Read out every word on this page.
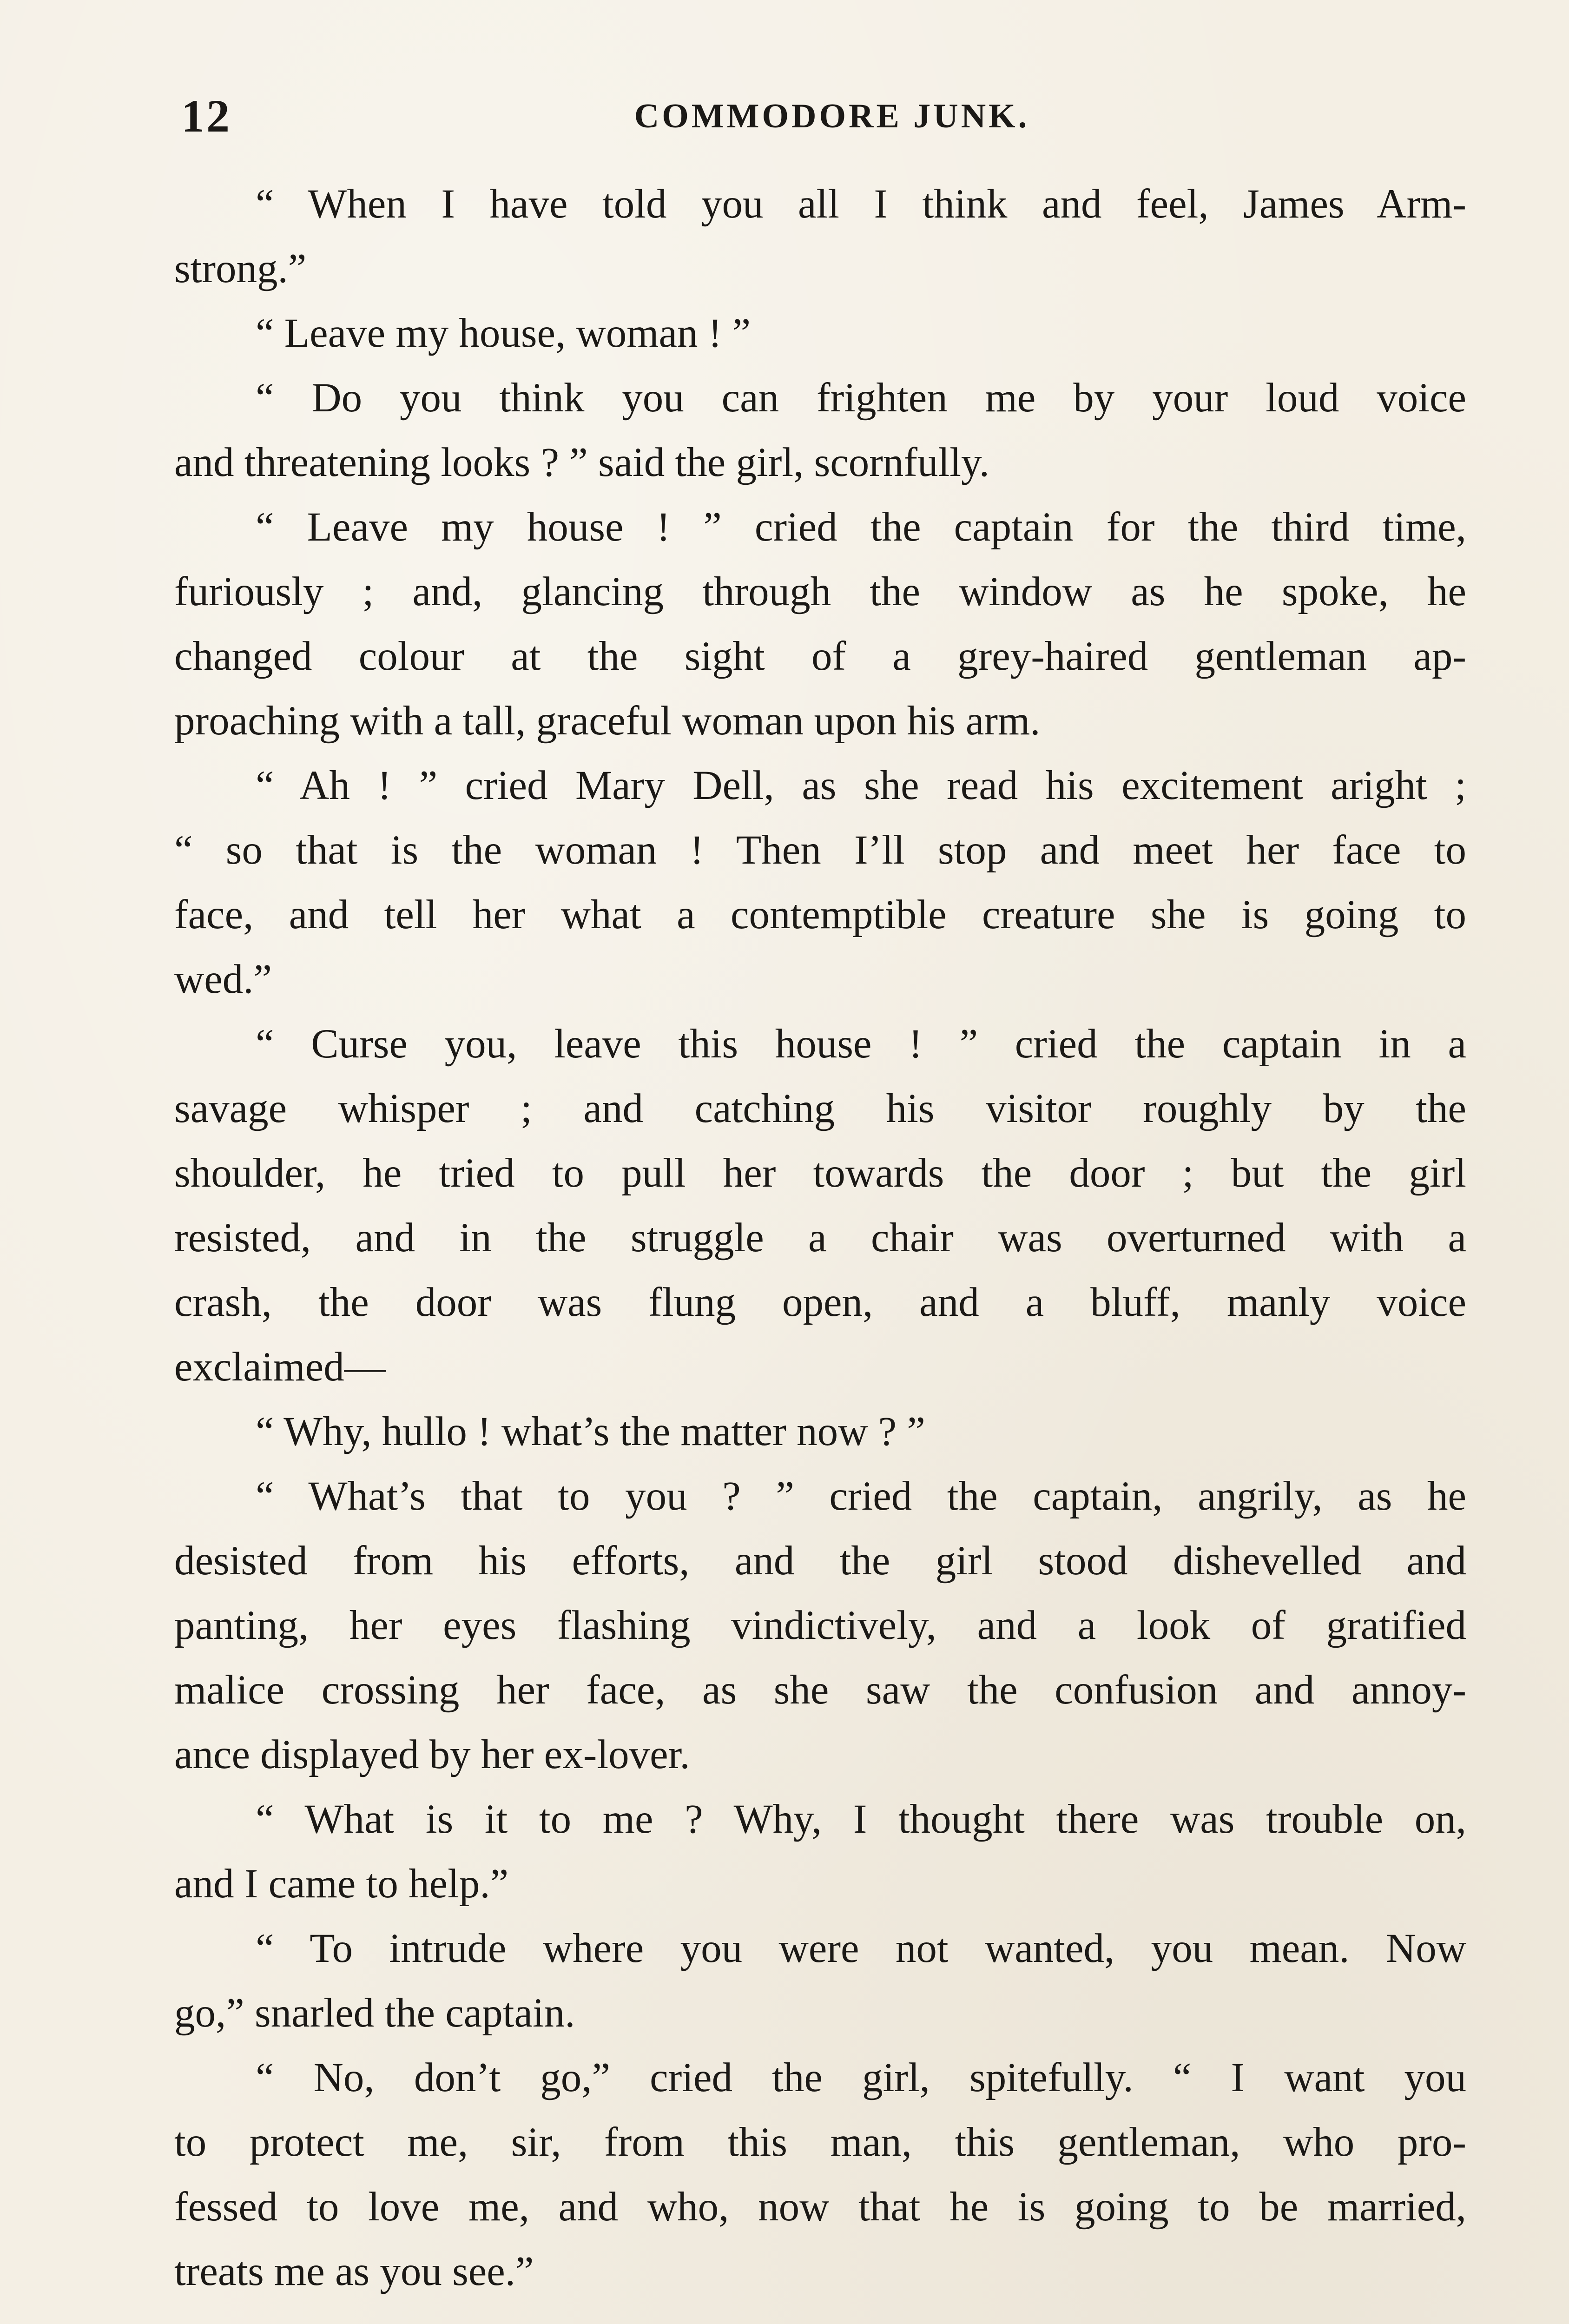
12	COMMODORE JUNK.
“ When I have told you all I think and feel, James Arm-
strong.”
“ Leave my house, woman ! ”
“ Do you think you can frighten me by your loud voice
and threatening looks ? ” said the girl, scornfully.
“ Leave my house ! ” cried the captain for the third time,
furiously ; and, glancing through the window as he spoke, he
changed colour at the sight of a grey-haired gentleman ap-
proaching with a tall, graceful woman upon his arm.
“ Ah ! ” cried Mary Dell, as she read his excitement aright ;
“ so that is the woman ! Then I’ll stop and meet her face to
face, and tell her what a contemptible creature she is going to
wed.”
“ Curse you, leave this house ! ” cried the captain in a
savage whisper ; and catching his visitor roughly by the
shoulder, he tried to pull her towards the door ; but the girl
resisted, and in the struggle a chair was overturned with a
crash, the door was flung open, and a bluff, manly voice
exclaimed—
“ Why, hullo ! what’s the matter now ? ”
“ What’s that to you ? ” cried the captain, angrily, as he
desisted from his efforts, and the girl stood dishevelled and
panting, her eyes flashing vindictively, and a look of gratified
malice crossing her face, as she saw the confusion and annoy-
ance displayed by her ex-lover.
“ What is it to me ? Why, I thought there was trouble on,
and I came to help.”
“ To intrude where you were not wanted, you mean. Now
go,” snarled the captain.
“ No, don’t go,” cried the girl, spitefully. “ I want you
to protect me, sir, from this man, this gentleman, who pro-
fessed to love me, and who, now that he is going to be married,
treats me as you see.”
